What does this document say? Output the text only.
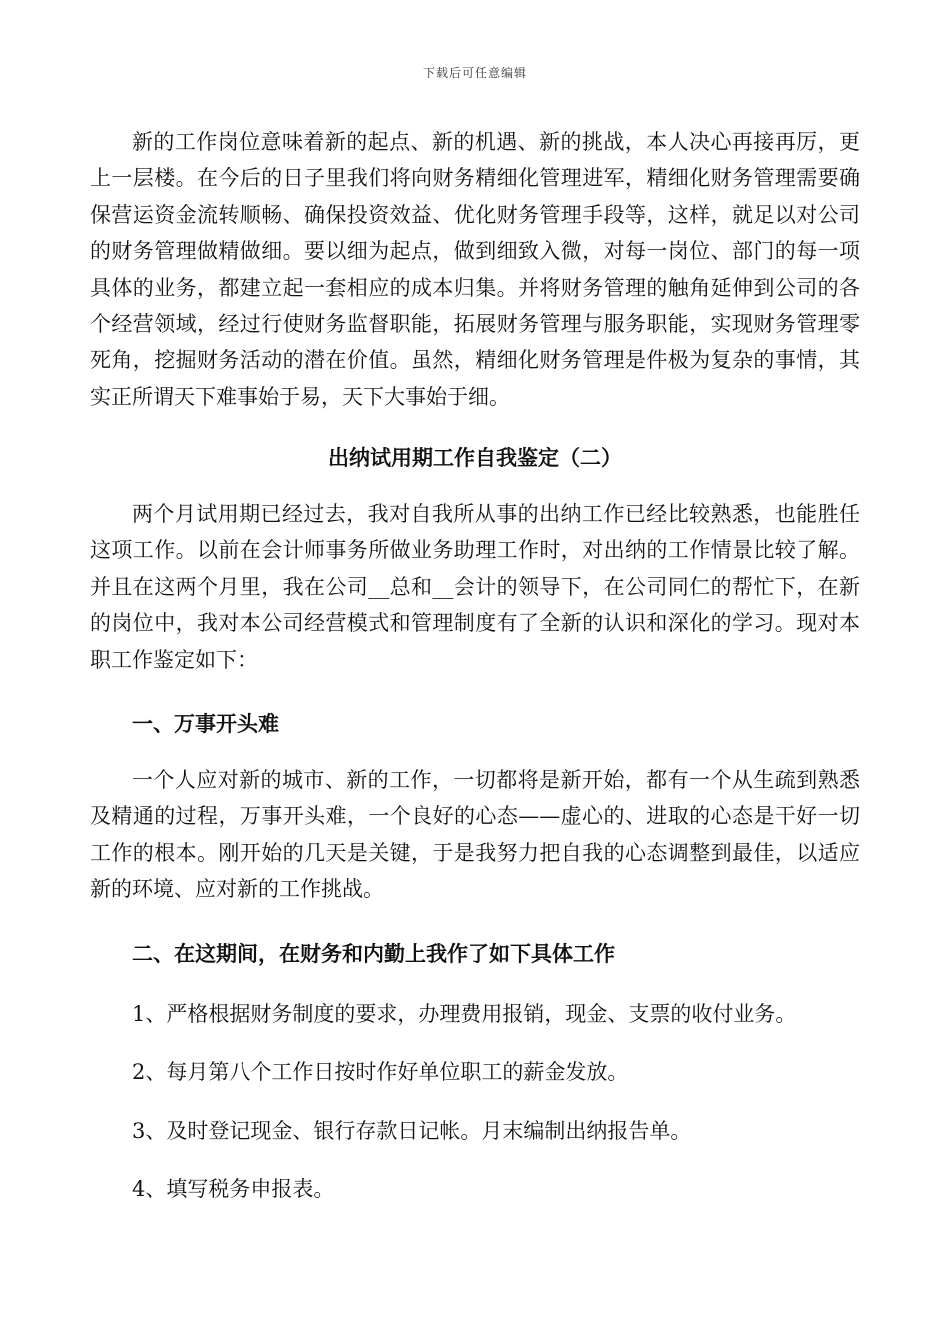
下载后可任意编辑

新的工作岗位意味着新的起点、新的机遇、新的挑战，本人决心再接再厉，更上一层楼。在今后的日子里我们将向财务精细化管理进军，精细化财务管理需要确保营运资金流转顺畅、确保投资效益、优化财务管理手段等，这样，就足以对公司的财务管理做精做细。要以细为起点，做到细致入微，对每一岗位、部门的每一项具体的业务，都建立起一套相应的成本归集。并将财务管理的触角延伸到公司的各个经营领域，经过行使财务监督职能，拓展财务管理与服务职能，实现财务管理零死角，挖掘财务活动的潜在价值。虽然，精细化财务管理是件极为复杂的事情，其实正所谓天下难事始于易，天下大事始于细。

出纳试用期工作自我鉴定（二）

两个月试用期已经过去，我对自我所从事的出纳工作已经比较熟悉，也能胜任这项工作。以前在会计师事务所做业务助理工作时，对出纳的工作情景比较了解。并且在这两个月里，我在公司__总和__会计的领导下，在公司同仁的帮忙下，在新的岗位中，我对本公司经营模式和管理制度有了全新的认识和深化的学习。现对本职工作鉴定如下：

一、万事开头难

一个人应对新的城市、新的工作，一切都将是新开始，都有一个从生疏到熟悉及精通的过程，万事开头难，一个良好的心态——虚心的、进取的心态是干好一切工作的根本。刚开始的几天是关键，于是我努力把自我的心态调整到最佳，以适应新的环境、应对新的工作挑战。

二、在这期间，在财务和内勤上我作了如下具体工作

1、严格根据财务制度的要求，办理费用报销，现金、支票的收付业务。

2、每月第八个工作日按时作好单位职工的薪金发放。

3、及时登记现金、银行存款日记帐。月末编制出纳报告单。

4、填写税务申报表。
